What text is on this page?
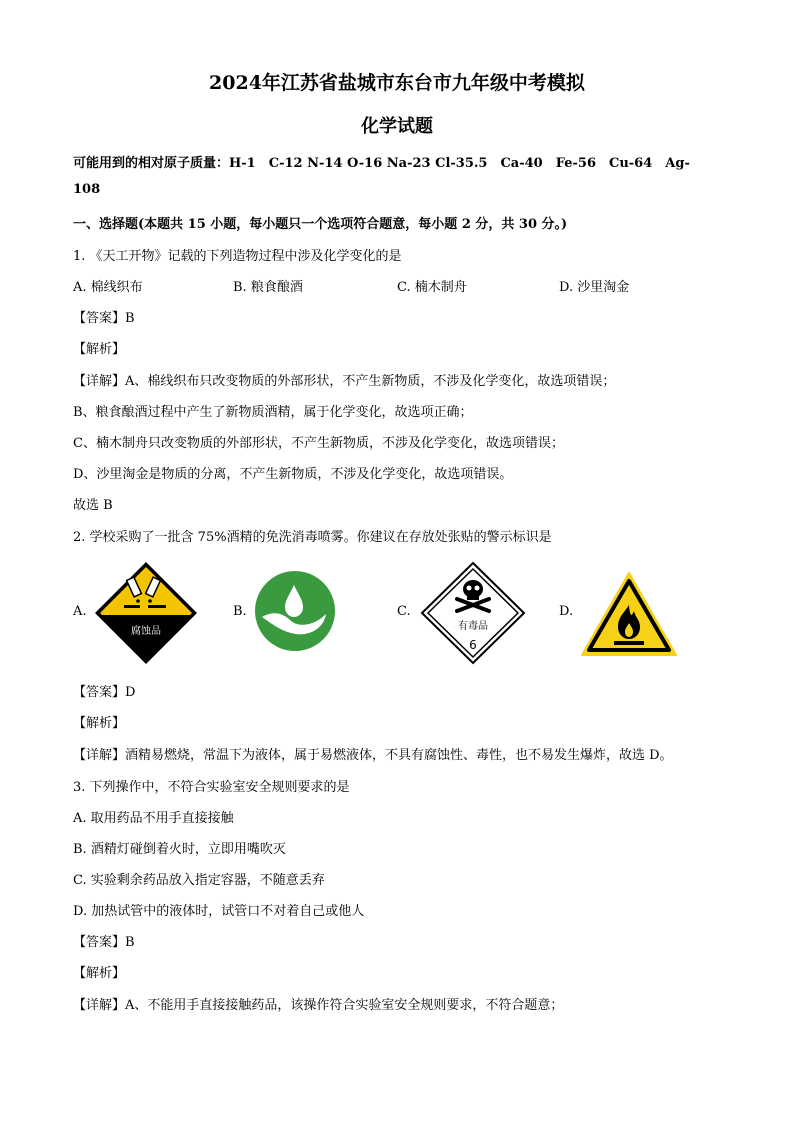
2024年江苏省盐城市东台市九年级中考模拟
化学试题
可能用到的相对原子质量：H-1　C-12 N-14 O-16 Na-23 Cl-35.5　Ca-40　Fe-56　Cu-64　Ag-
108
一、选择题(本题共 15 小题，每小题只一个选项符合题意，每小题 2 分，共 30 分。)
1. 《天工开物》记载的下列造物过程中涉及化学变化的是
A. 棉线织布	B. 粮食酿酒	C. 楠木制舟	D. 沙里淘金
【答案】B
【解析】
【详解】A、棉线织布只改变物质的外部形状，不产生新物质，不涉及化学变化，故选项错误；
B、粮食酿酒过程中产生了新物质酒精，属于化学变化，故选项正确；
C、楠木制舟只改变物质的外部形状，不产生新物质，不涉及化学变化，故选项错误；
D、沙里淘金是物质的分离，不产生新物质，不涉及化学变化，故选项错误。
故选 B
2. 学校采购了一批含 75%酒精的免洗消毒喷雾。你建议在存放处张贴的警示标识是
A.	B.	C.	D.
腐蚀品	有毒品
6
【答案】D
【解析】
【详解】酒精易燃烧，常温下为液体，属于易燃液体，不具有腐蚀性、毒性，也不易发生爆炸，故选 D。
3. 下列操作中，不符合实验室安全规则要求的是
A. 取用药品不用手直接接触
B. 酒精灯碰倒着火时，立即用嘴吹灭
C. 实验剩余药品放入指定容器，不随意丢弃
D. 加热试管中的液体时，试管口不对着自己或他人
【答案】B
【解析】
【详解】A、不能用手直接接触药品，该操作符合实验室安全规则要求，不符合题意；
